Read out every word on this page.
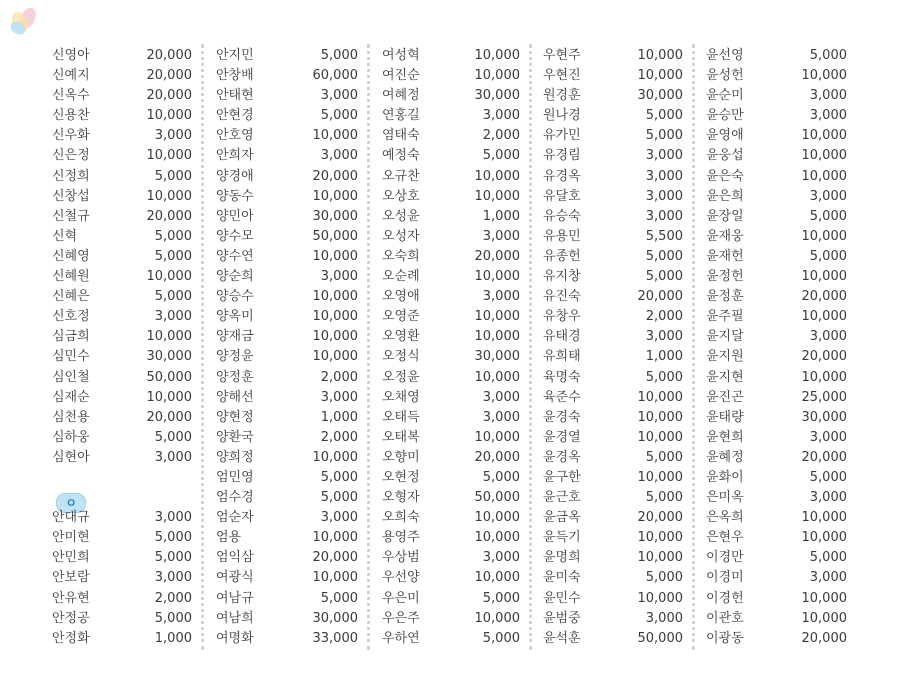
신영아	20,000
신예지	20,000
신옥수	20,000
신용찬	10,000
신우화	3,000
신은정	10,000
신정희	5,000
신창섭	10,000
신철규	20,000
신혁	5,000
신혜영	5,000
신혜원	10,000
신혜은	5,000
신호정	3,000
심금희	10,000
심민수	30,000
심인철	50,000
심재순	10,000
심천용	20,000
심하웅	5,000
심현아	3,000
ㅇ
안대규	3,000
안미현	5,000
안민희	5,000
안보람	3,000
안유현	2,000
안정공	5,000
안정화	1,000
안지민	5,000
안창배	60,000
안태현	3,000
안현경	5,000
안호영	10,000
안희자	3,000
양경애	20,000
양동수	10,000
양민아	30,000
양수모	50,000
양수연	10,000
양순희	3,000
양승수	10,000
양옥미	10,000
양재금	10,000
양정윤	10,000
양정훈	2,000
양해선	3,000
양현정	1,000
양환국	2,000
양희정	10,000
엄민영	5,000
엄수경	5,000
엄순자	3,000
엄용	10,000
엄익삼	20,000
여광식	10,000
여남규	5,000
여남희	30,000
여명화	33,000
여성혁	10,000
여진순	10,000
여혜정	30,000
연홍길	3,000
염태숙	2,000
예정숙	5,000
오규찬	10,000
오상호	10,000
오성윤	1,000
오성자	3,000
오숙희	20,000
오순례	10,000
오영애	3,000
오영준	10,000
오영환	10,000
오정식	30,000
오정윤	10,000
오채영	3,000
오태득	3,000
오태복	10,000
오향미	20,000
오현정	5,000
오형자	50,000
오희숙	10,000
용영주	10,000
우상범	3,000
우선양	10,000
우은미	5,000
우은주	10,000
우하연	5,000
우현주	10,000
우현진	10,000
원경훈	30,000
원나경	5,000
유가민	5,000
유경림	3,000
유경옥	3,000
유달호	3,000
유승숙	3,000
유용민	5,500
유종헌	5,000
유지창	5,000
유진숙	20,000
유창우	2,000
유태경	3,000
유희태	1,000
육명숙	5,000
육준수	10,000
윤경숙	10,000
윤경열	10,000
윤경옥	5,000
윤구한	10,000
윤근호	5,000
윤금옥	20,000
윤득기	10,000
윤명희	10,000
윤미숙	5,000
윤민수	10,000
윤범중	3,000
윤석훈	50,000
윤선영	5,000
윤성헌	10,000
윤순미	3,000
윤승만	3,000
윤영애	10,000
윤웅섭	10,000
윤은숙	10,000
윤은희	3,000
윤장일	5,000
윤재웅	10,000
윤재헌	5,000
윤정헌	10,000
윤정훈	20,000
윤주필	10,000
윤지달	3,000
윤지원	20,000
윤지현	10,000
윤진곤	25,000
윤태량	30,000
윤현희	3,000
윤혜정	20,000
윤화이	5,000
은미옥	3,000
은옥희	10,000
은현우	10,000
이경만	5,000
이경미	3,000
이경헌	10,000
이관호	10,000
이광동	20,000
